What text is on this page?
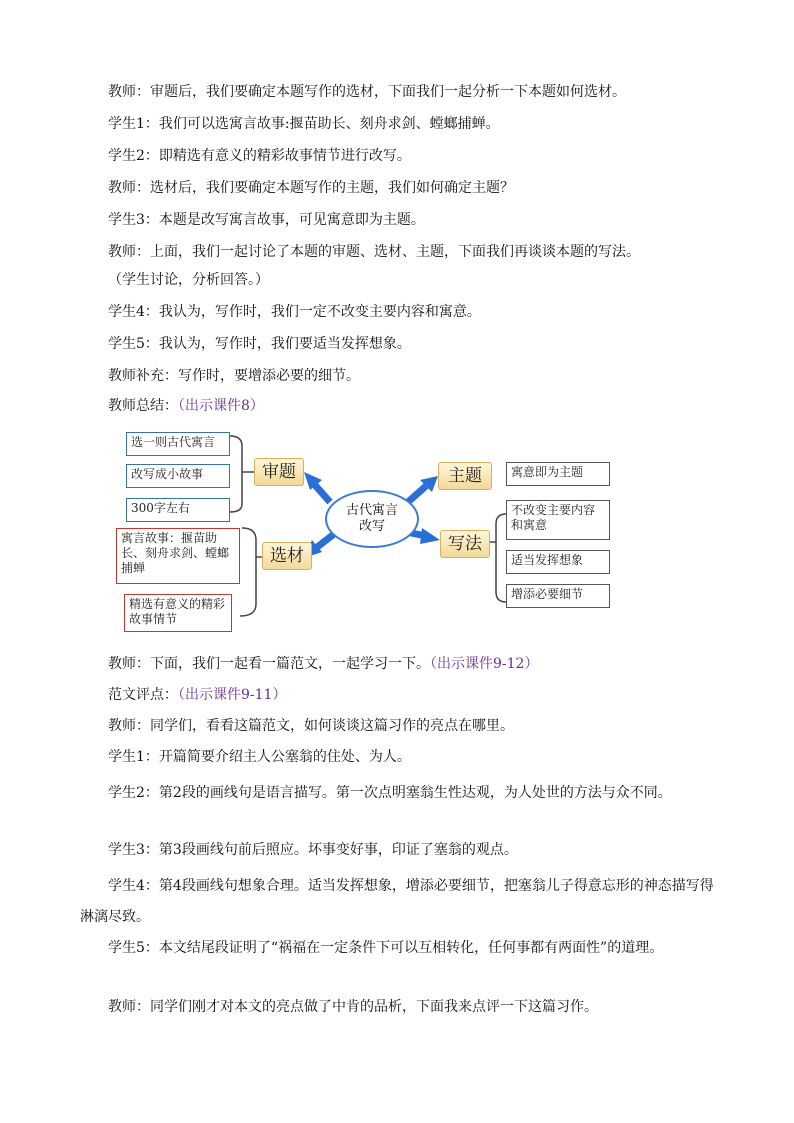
教师：审题后，我们要确定本题写作的选材，下面我们一起分析一下本题如何选材。
学生1：我们可以选寓言故事:揠苗助长、刻舟求剑、螳螂捕蝉。
学生2：即精选有意义的精彩故事情节进行改写。
教师：选材后，我们要确定本题写作的主题，我们如何确定主题？
学生3：本题是改写寓言故事，可见寓意即为主题。
教师：上面，我们一起讨论了本题的审题、选材、主题，下面我们再谈谈本题的写法。
（学生讨论，分析回答。）
学生4：我认为，写作时，我们一定不改变主要内容和寓意。
学生5：我认为，写作时，我们要适当发挥想象。
教师补充：写作时，要增添必要的细节。
教师总结：（出示课件8）
选一则古代寓言
改写成小故事
300字左右
寓言故事：揠苗助长、刻舟求剑、螳螂捕蝉
精选有意义的精彩故事情节
审题
选材
主题
写法
古代寓言改写
寓意即为主题
不改变主要内容和寓意
适当发挥想象
增添必要细节
教师：下面，我们一起看一篇范文，一起学习一下。（出示课件9-12）
范文评点：（出示课件9-11）
教师：同学们，看看这篇范文，如何谈谈这篇习作的亮点在哪里。
学生1：开篇简要介绍主人公塞翁的住处、为人。
学生2：第2段的画线句是语言描写。第一次点明塞翁生性达观，为人处世的方法与众不同。
学生3：第3段画线句前后照应。坏事变好事，印证了塞翁的观点。
学生4：第4段画线句想象合理。适当发挥想象，增添必要细节，把塞翁儿子得意忘形的神态描写得淋漓尽致。
学生5：本文结尾段证明了“祸福在一定条件下可以互相转化，任何事都有两面性”的道理。
教师：同学们刚才对本文的亮点做了中肯的品析，下面我来点评一下这篇习作。
